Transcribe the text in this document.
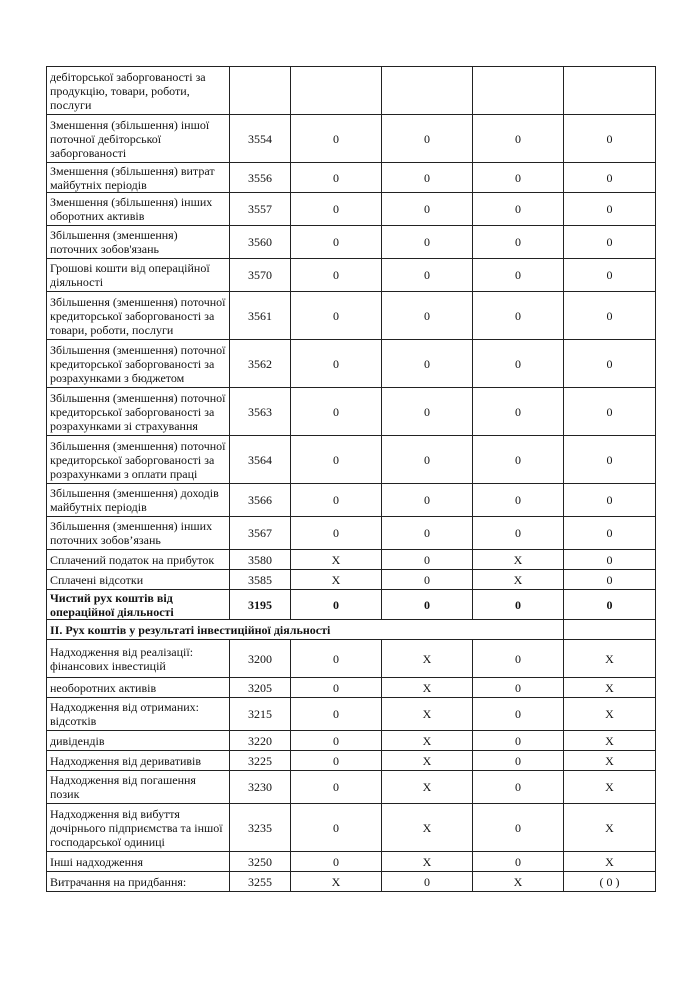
дебіторської заборгованості за продукцію, товари, роботи, послуги					
Зменшення (збільшення) іншої поточної дебіторської заборгованості	3554	0	0	0	0
Зменшення (збільшення) витрат майбутніх періодів	3556	0	0	0	0
Зменшення (збільшення) інших оборотних активів	3557	0	0	0	0
Збільшення (зменшення) поточних зобов'язань	3560	0	0	0	0
Грошові кошти від операційної діяльності	3570	0	0	0	0
Збільшення (зменшення) поточної кредиторської заборгованості за товари, роботи, послуги	3561	0	0	0	0
Збільшення (зменшення) поточної кредиторської заборгованості за розрахунками з бюджетом	3562	0	0	0	0
Збільшення (зменшення) поточної кредиторської заборгованості за розрахунками зі страхування	3563	0	0	0	0
Збільшення (зменшення) поточної кредиторської заборгованості за розрахунками з оплати праці	3564	0	0	0	0
Збільшення (зменшення) доходів майбутніх періодів	3566	0	0	0	0
Збільшення (зменшення) інших поточних зобов’язань	3567	0	0	0	0
Сплачений податок на прибуток	3580	X	0	X	0
Сплачені відсотки	3585	X	0	X	0
Чистий рух коштів від операційної діяльності	3195	0	0	0	0
II. Рух коштів у результаті інвестиційної діяльності					
Надходження від реалізації: фінансових інвестицій	3200	0	X	0	X
необоротних активів	3205	0	X	0	X
Надходження від отриманих: відсотків	3215	0	X	0	X
дивідендів	3220	0	X	0	X
Надходження від деривативів	3225	0	X	0	X
Надходження від погашення позик	3230	0	X	0	X
Надходження від вибуття дочірнього підприємства та іншої господарської одиниці	3235	0	X	0	X
Інші надходження	3250	0	X	0	X
Витрачання на придбання:	3255	X	0	X	( 0 )
